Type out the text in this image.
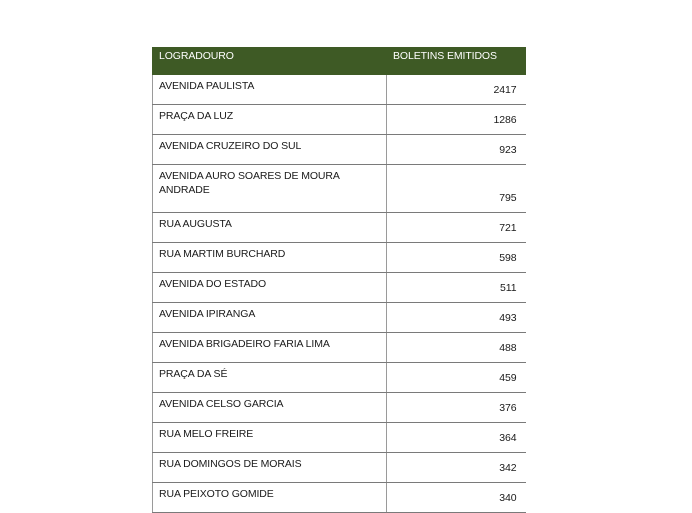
LOGRADOURO	BOLETINS EMITIDOS
AVENIDA PAULISTA	2417
PRAÇA DA LUZ	1286
AVENIDA CRUZEIRO DO SUL	923
AVENIDA AURO SOARES DE MOURA ANDRADE	795
RUA AUGUSTA	721
RUA MARTIM BURCHARD	598
AVENIDA DO ESTADO	511
AVENIDA IPIRANGA	493
AVENIDA BRIGADEIRO FARIA LIMA	488
PRAÇA DA SÉ	459
AVENIDA CELSO GARCIA	376
RUA MELO FREIRE	364
RUA DOMINGOS DE MORAIS	342
RUA PEIXOTO GOMIDE	340
